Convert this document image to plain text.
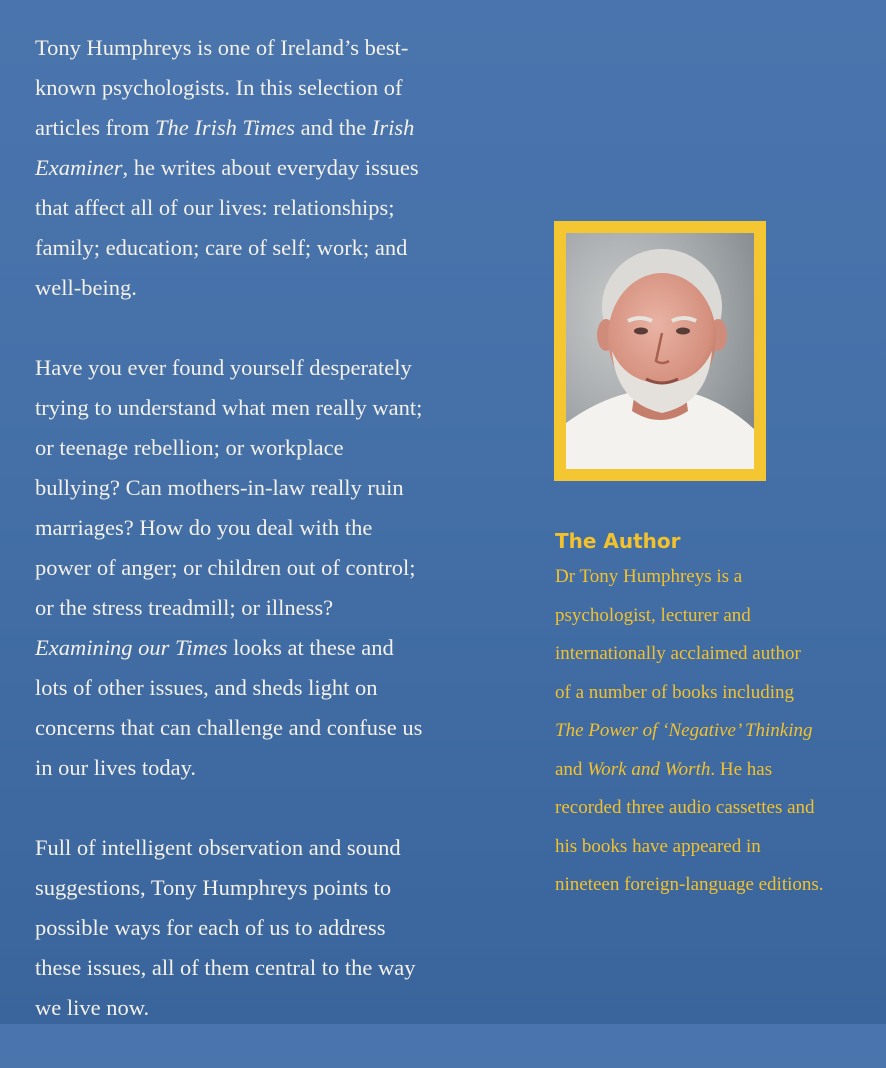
Tony Humphreys is one of Ireland’s best-
known psychologists. In this selection of
articles from The Irish Times and the Irish
Examiner, he writes about everyday issues
that affect all of our lives: relationships;
family; education; care of self; work; and
well-being.

Have you ever found yourself desperately
trying to understand what men really want;
or teenage rebellion; or workplace
bullying? Can mothers-in-law really ruin
marriages? How do you deal with the
power of anger; or children out of control;
or the stress treadmill; or illness?
Examining our Times looks at these and
lots of other issues, and sheds light on
concerns that can challenge and confuse us
in our lives today.

Full of intelligent observation and sound
suggestions, Tony Humphreys points to
possible ways for each of us to address
these issues, all of them central to the way
we live now.

The Author

Dr Tony Humphreys is a
psychologist, lecturer and
internationally acclaimed author
of a number of books including
The Power of ‘Negative’ Thinking
and Work and Worth. He has
recorded three audio cassettes and
his books have appeared in
nineteen foreign-language editions.
